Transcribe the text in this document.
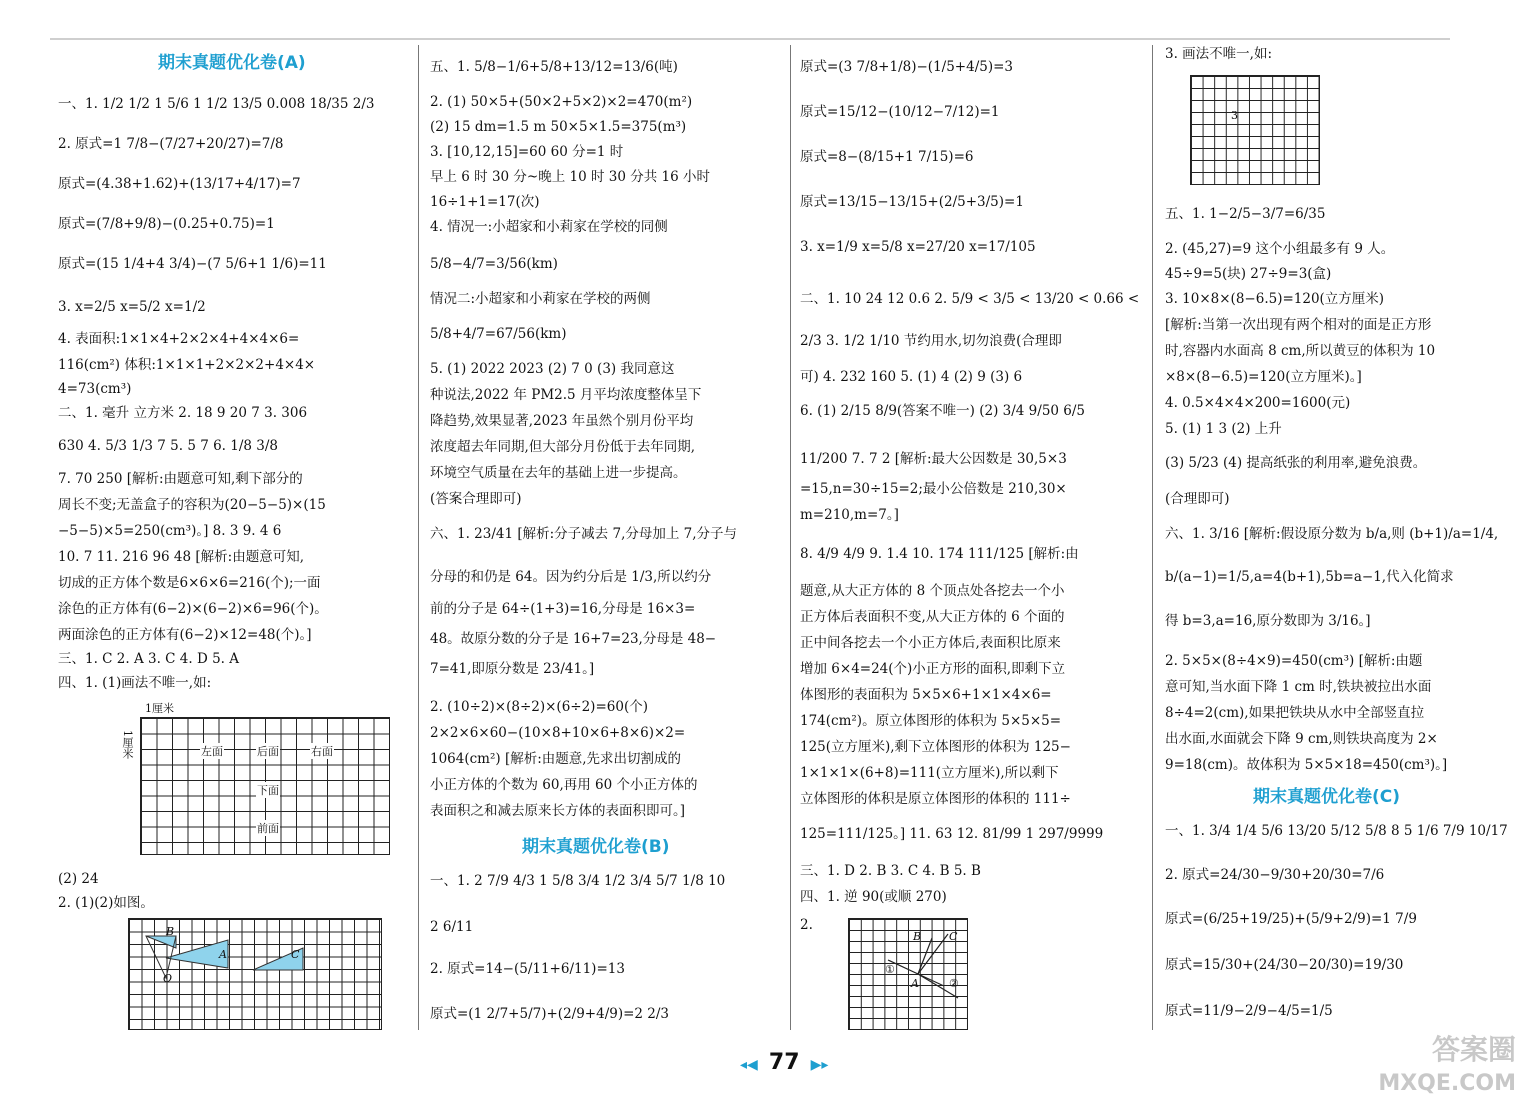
期末真题优化卷(A)
一、1. 1/2 1/2 1 5/6 1 1/2 13/5 0.008 18/35 2/3
2. 原式=1 7/8−(7/27+20/27)=7/8
原式=(4.38+1.62)+(13/17+4/17)=7
原式=(7/8+9/8)−(0.25+0.75)=1
原式=(15 1/4+4 3/4)−(7 5/6+1 1/6)=11
3. x=2/5 x=5/2 x=1/2
4. 表面积:1×1×4+2×2×4+4×4×6=
116(cm²) 体积:1×1×1+2×2×2+4×4×
4=73(cm³)
二、1. 毫升 立方米 2. 18 9 20 7 3. 306
630 4. 5/3 1/3 7 5. 5 7 6. 1/8 3/8
7. 70 250 [解析:由题意可知,剩下部分的
周长不变;无盖盒子的容积为(20−5−5)×(15
−5−5)×5=250(cm³)。] 8. 3 9. 4 6
10. 7 11. 216 96 48 [解析:由题意可知,
切成的正方体个数是6×6×6=216(个);一面
涂色的正方体有(6−2)×(6−2)×6=96(个)。
两面涂色的正方体有(6−2)×12=48(个)。]
三、1. C 2. A 3. C 4. D 5. A
四、1. (1)画法不唯一,如:
1厘米
1厘米	左面	后面	右面
下面
前面
(2) 24
2. (1)(2)如图。
B
A	C
O
五、1. 5/8−1/6+5/8+13/12=13/6(吨)
2. (1) 50×5+(50×2+5×2)×2=470(m²)
(2) 15 dm=1.5 m 50×5×1.5=375(m³)
3. [10,12,15]=60 60 分=1 时
早上 6 时 30 分~晚上 10 时 30 分共 16 小时
16÷1+1=17(次)
4. 情况一:小超家和小莉家在学校的同侧
5/8−4/7=3/56(km)
情况二:小超家和小莉家在学校的两侧
5/8+4/7=67/56(km)
5. (1) 2022 2023 (2) 7 0 (3) 我同意这
种说法,2022 年 PM2.5 月平均浓度整体呈下
降趋势,效果显著,2023 年虽然个别月份平均
浓度超去年同期,但大部分月份低于去年同期,
环境空气质量在去年的基础上进一步提高。
(答案合理即可)
六、1. 23/41 [解析:分子减去 7,分母加上 7,分子与
分母的和仍是 64。因为约分后是 1/3,所以约分
前的分子是 64÷(1+3)=16,分母是 16×3=
48。故原分数的分子是 16+7=23,分母是 48−
7=41,即原分数是 23/41。]
2. (10÷2)×(8÷2)×(6÷2)=60(个)
2×2×6×60−(10×8+10×6+8×6)×2=
1064(cm²) [解析:由题意,先求出切割成的
小正方体的个数为 60,再用 60 个小正方体的
表面积之和减去原来长方体的表面积即可。]
期末真题优化卷(B)
一、1. 2 7/9 4/3 1 5/8 3/4 1/2 3/4 5/7 1/8 10
2 6/11
2. 原式=14−(5/11+6/11)=13
原式=(1 2/7+5/7)+(2/9+4/9)=2 2/3
原式=(3 7/8+1/8)−(1/5+4/5)=3
原式=15/12−(10/12−7/12)=1
原式=8−(8/15+1 7/15)=6
原式=13/15−13/15+(2/5+3/5)=1
3. x=1/9 x=5/8 x=27/20 x=17/105
二、1. 10 24 12 0.6 2. 5/9 < 3/5 < 13/20 < 0.66 <
2/3 3. 1/2 1/10 节约用水,切勿浪费(合理即
可) 4. 232 160 5. (1) 4 (2) 9 (3) 6
6. (1) 2/15 8/9(答案不唯一) (2) 3/4 9/50 6/5
11/200 7. 7 2 [解析:最大公因数是 30,5×3
=15,n=30÷15=2;最小公倍数是 210,30×
m=210,m=7。]
8. 4/9 4/9 9. 1.4 10. 174 111/125 [解析:由
题意,从大正方体的 8 个顶点处各挖去一个小
正方体后表面积不变,从大正方体的 6 个面的
正中间各挖去一个小正方体后,表面积比原来
增加 6×4=24(个)小正方形的面积,即剩下立
体图形的表面积为 5×5×6+1×1×4×6=
174(cm²)。原立体图形的体积为 5×5×5=
125(立方厘米),剩下立体图形的体积为 125−
1×1×1×(6+8)=111(立方厘米),所以剩下
立体图形的体积是原立体图形的体积的 111÷
125=111/125。] 11. 63 12. 81/99 1 297/9999
三、1. D 2. B 3. C 4. B 5. B
四、1. 逆 90(或顺 270)
2.
B	C
①
A	②
3. 画法不唯一,如:
3
五、1. 1−2/5−3/7=6/35
2. (45,27)=9 这个小组最多有 9 人。
45÷9=5(块) 27÷9=3(盒)
3. 10×8×(8−6.5)=120(立方厘米)
[解析:当第一次出现有两个相对的面是正方形
时,容器内水面高 8 cm,所以黄豆的体积为 10
×8×(8−6.5)=120(立方厘米)。]
4. 0.5×4×4×200=1600(元)
5. (1) 1 3 (2) 上升
(3) 5/23 (4) 提高纸张的利用率,避免浪费。
(合理即可)
六、1. 3/16 [解析:假设原分数为 b/a,则 (b+1)/a=1/4,
b/(a−1)=1/5,a=4(b+1),5b=a−1,代入化简求
得 b=3,a=16,原分数即为 3/16。]
2. 5×5×(8÷4×9)=450(cm³) [解析:由题
意可知,当水面下降 1 cm 时,铁块被拉出水面
8÷4=2(cm),如果把铁块从水中全部竖直拉
出水面,水面就会下降 9 cm,则铁块高度为 2×
9=18(cm)。故体积为 5×5×18=450(cm³)。]
期末真题优化卷(C)
一、1. 3/4 1/4 5/6 13/20 5/12 5/8 8 5 1/6 7/9 10/17
2. 原式=24/30−9/30+20/30=7/6
原式=(6/25+19/25)+(5/9+2/9)=1 7/9
原式=15/30+(24/30−20/30)=19/30
原式=11/9−2/9−4/5=1/5
◂◀ 77 ▶▸	答案圈
MXQE.COM
